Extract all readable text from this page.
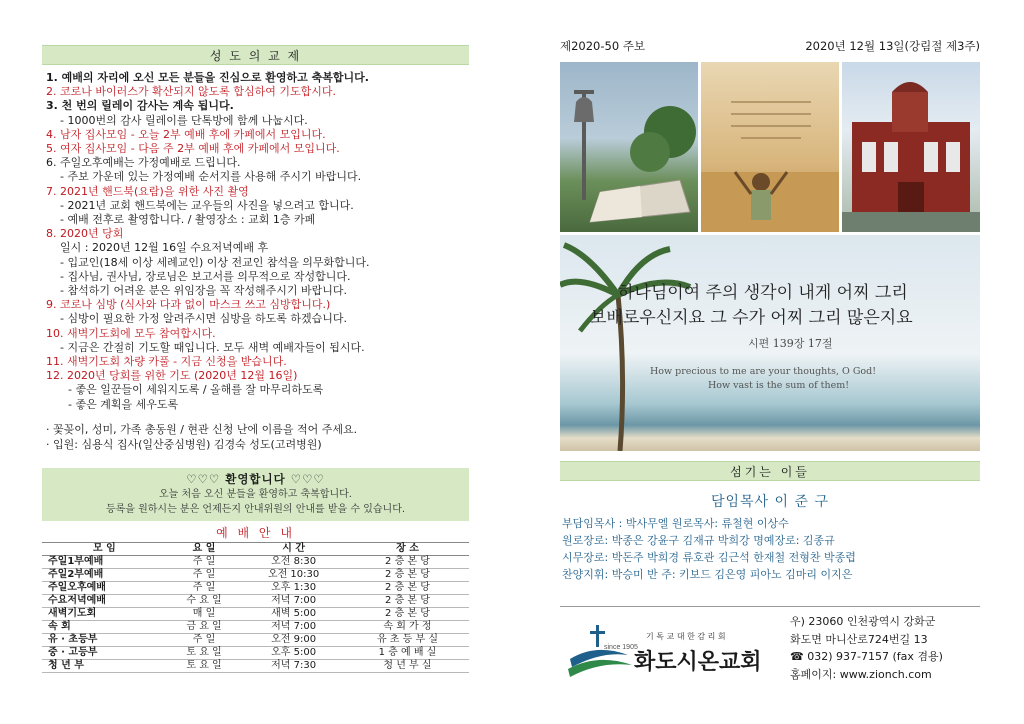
성 도 의 교 제
1. 예배의 자리에 오신 모든 분들을 진심으로 환영하고 축복합니다.
2. 코로나 바이러스가 확산되지 않도록 합심하여 기도합시다.
3. 천 번의 릴레이 감사는 계속 됩니다.
- 1000번의 감사 릴레이를 단톡방에 함께 나눕시다.
4. 남자 집사모임 - 오늘 2부 예배 후에 카페에서 모입니다.
5. 여자 집사모임 - 다음 주 2부 예배 후에 카페에서 모입니다.
6. 주일오후예배는 가정예배로 드립니다.
- 주보 가운데 있는 가정예배 순서지를 사용해 주시기 바랍니다.
7. 2021년 핸드북(요람)을 위한 사진 촬영
- 2021년 교회 핸드북에는 교우들의 사진을 넣으려고 합니다.
- 예배 전후로 촬영합니다. / 촬영장소 : 교회 1층 카페
8. 2020년 당회
일시 : 2020년 12월 16일 수요저녁예배 후
- 입교인(18세 이상 세례교인) 이상 전교인 참석을 의무화합니다.
- 집사님, 권사님, 장로님은 보고서를 의무적으로 작성합니다.
- 참석하기 어려운 분은 위임장을 꼭 작성해주시기 바랍니다.
9. 코로나 심방 (식사와 다과 없이 마스크 쓰고 심방합니다.)
- 심방이 필요한 가정 알려주시면 심방을 하도록 하겠습니다.
10. 새벽기도회에 모두 참여합시다.
- 지금은 간절히 기도할 때입니다. 모두 새벽 예배자들이 됩시다.
11. 새벽기도회 차량 카풀 - 지금 신청을 받습니다.
12. 2020년 당회를 위한 기도 (2020년 12월 16일)
- 좋은 일꾼들이 세워지도록 / 올해를 잘 마무리하도록
- 좋은 계획을 세우도록
· 꽃꽂이, 성미, 가족 총동원 / 현관 신청 난에 이름을 적어 주세요.
· 입원: 심용식 집사(일산중심병원) 김경숙 성도(고려병원)
♡♡♡ 환영합니다 ♡♡♡
오늘 처음 오신 분들을 환영하고 축복합니다.
등록을 원하시는 분은 언제든지 안내위원의 안내를 받을 수 있습니다.
예 배 안 내
모 임	요 일	시 간	장 소
주일1부예배	주 일	오전 8:30	2 층 본 당
주일2부예배	주 일	오전 10:30	2 층 본 당
주일오후예배	주 일	오후 1:30	2 층 본 당
수요저녁예배	수 요 일	저녁 7:00	2 층 본 당
새벽기도회	매 일	새벽 5:00	2 층 본 당
속 회	금 요 일	저녁 7:00	속 회 가 정
유 · 초등부	주 일	오전 9:00	유 초 등 부 실
중 · 고등부	토 요 일	오후 5:00	1 층 예 배 실
청 년 부	토 요 일	저녁 7:30	청 년 부 실
제2020-50 주보	2020년 12월 13일(강림절 제3주)
하나님이여 주의 생각이 내게 어찌 그리
보배로우신지요 그 수가 어찌 그리 많은지요
시편 139장 17절
How precious to me are your thoughts, O God!
How vast is the sum of them!
섬기는 이들
담임목사 이 준 구
부담임목사 : 박사무엘 원로목사: 류철현 이상수
원로장로: 박종은 강윤구 김재규 박희강 명예장로: 김종규
시무장로: 박돈주 박희경 류호관 김근석 한재철 전형찬 박종렵
찬양지휘: 박승미 반 주: 키보드 김은영 피아노 김마리 이지은
since 1905
기 독 교 대 한 감 리 회
화도시온교회
우) 23060 인천광역시 강화군
화도면 마니산로724번길 13
☎ 032) 937-7157 (fax 겸용)
홈페이지: www.zionch.com
